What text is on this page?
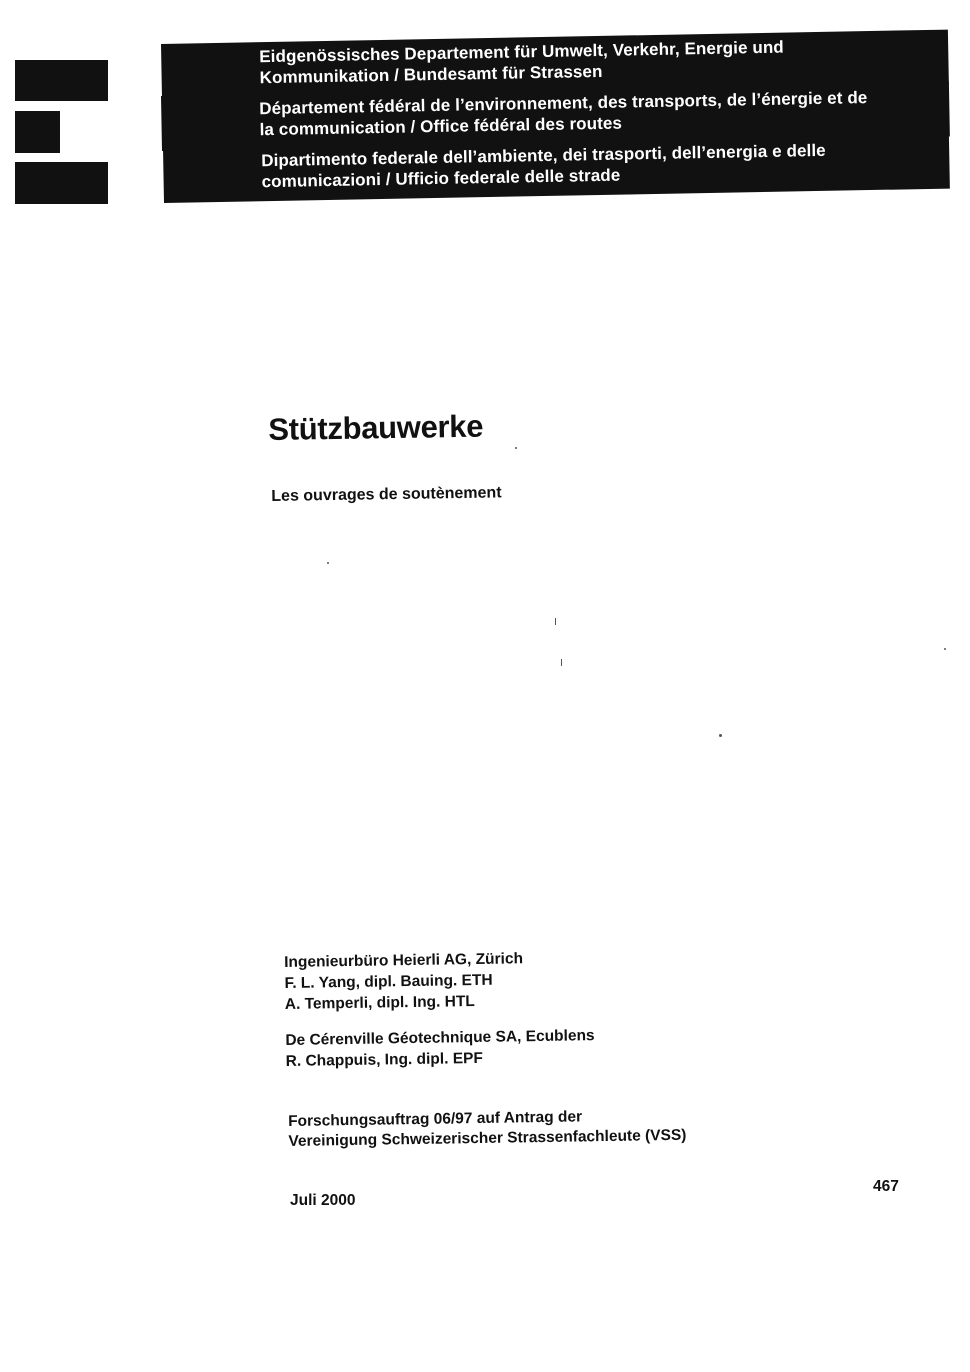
Eidgenössisches Departement für Umwelt, Verkehr, Energie und
Kommunikation / Bundesamt für Strassen
Département fédéral de l’environnement, des transports, de l’énergie et de
la communication / Office fédéral des routes
Dipartimento federale dell’ambiente, dei trasporti, dell’energia e delle
comunicazioni / Ufficio federale delle strade
Stützbauwerke
Les ouvrages de soutènement
Ingenieurbüro Heierli AG, Zürich
F. L. Yang, dipl. Bauing. ETH
A. Temperli, dipl. Ing. HTL
De Cérenville Géotechnique SA, Ecublens
R. Chappuis, Ing. dipl. EPF
Forschungsauftrag 06/97 auf Antrag der
Vereinigung Schweizerischer Strassenfachleute (VSS)
Juli 2000
467
